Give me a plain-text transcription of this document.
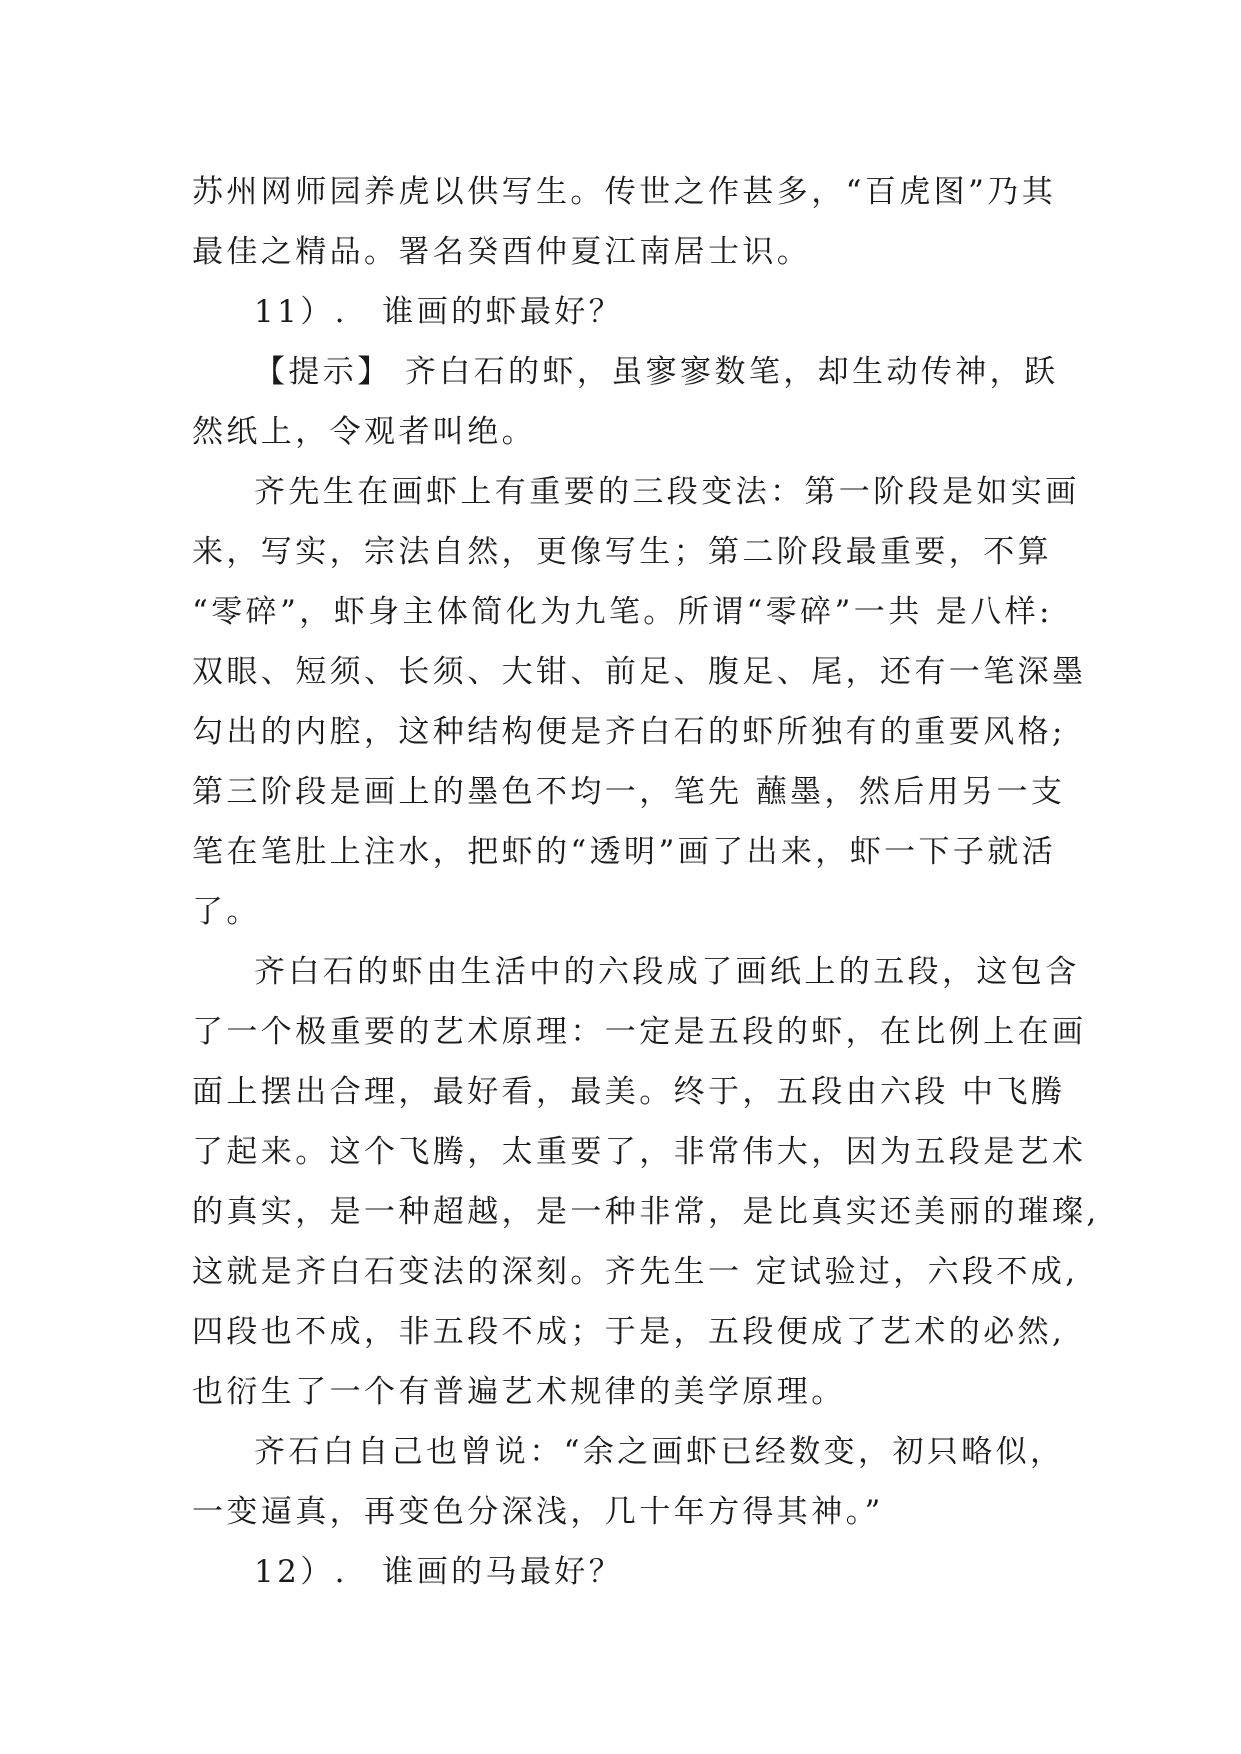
苏州网师园养虎以供写生。传世之作甚多，“百虎图”乃其
最佳之精品。署名癸酉仲夏江南居士识。
11）.　谁画的虾最好？
【提示】 齐白石的虾，虽寥寥数笔，却生动传神，跃
然纸上，令观者叫绝。
齐先生在画虾上有重要的三段变法：第一阶段是如实画
来，写实，宗法自然，更像写生；第二阶段最重要，不算
“零碎”，虾身主体简化为九笔。所谓“零碎”一共 是八样:
双眼、短须、长须、大钳、前足、腹足、尾，还有一笔深墨
勾出的内腔，这种结构便是齐白石的虾所独有的重要风格;
第三阶段是画上的墨色不均一，笔先 蘸墨，然后用另一支
笔在笔肚上注水，把虾的“透明”画了出来，虾一下子就活
了。
齐白石的虾由生活中的六段成了画纸上的五段，这包含
了一个极重要的艺术原理：一定是五段的虾，在比例上在画
面上摆出合理，最好看，最美。终于，五段由六段 中飞腾
了起来。这个飞腾，太重要了，非常伟大，因为五段是艺术
的真实，是一种超越，是一种非常，是比真实还美丽的璀璨,
这就是齐白石变法的深刻。齐先生一 定试验过，六段不成,
四段也不成，非五段不成；于是，五段便成了艺术的必然,
也衍生了一个有普遍艺术规律的美学原理。
齐石白自己也曾说：“余之画虾已经数变，初只略似，
一变逼真，再变色分深浅，几十年方得其神。”
12）.　谁画的马最好？
